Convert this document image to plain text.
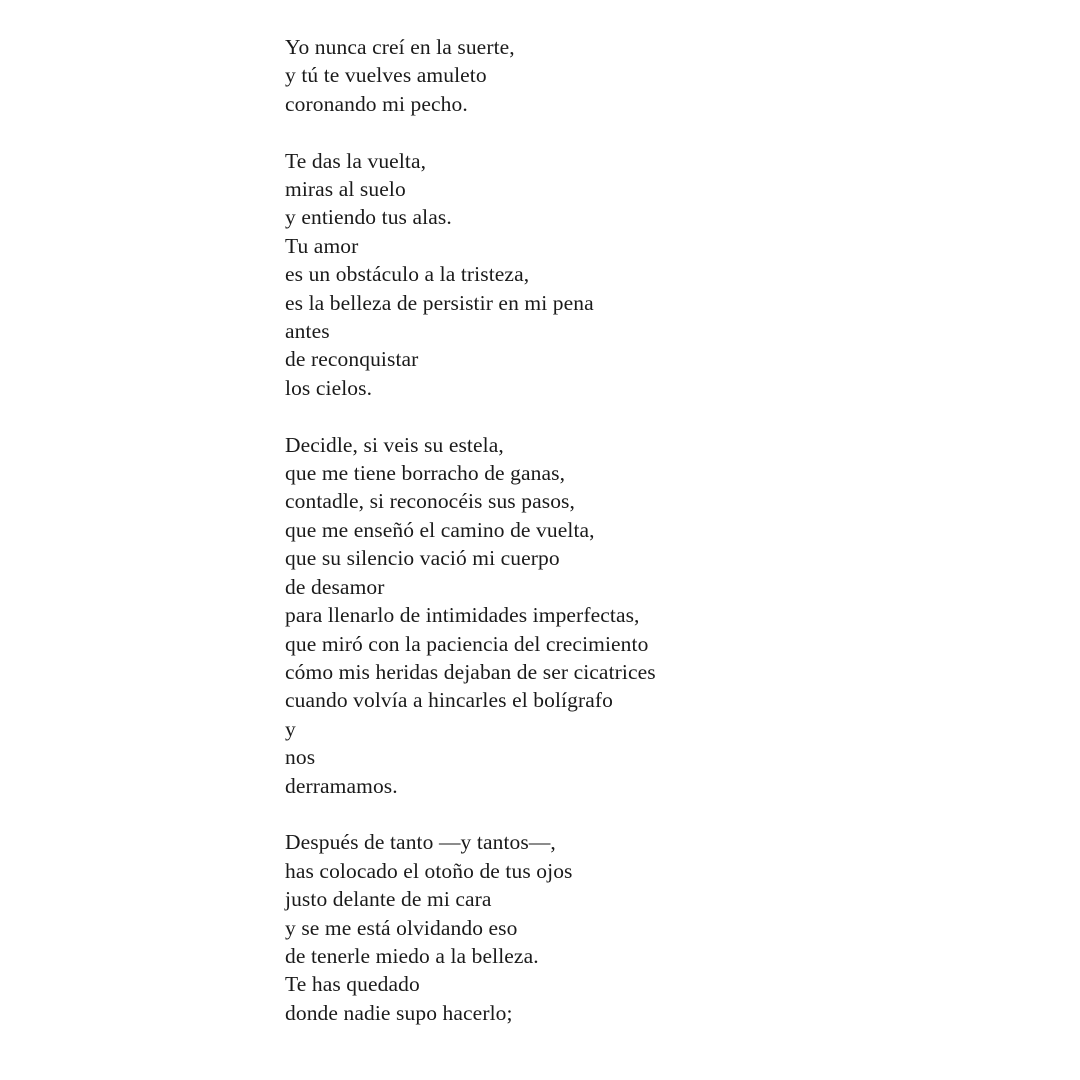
Yo nunca creí en la suerte,
y tú te vuelves amuleto
coronando mi pecho.
Te das la vuelta,
miras al suelo
y entiendo tus alas.
Tu amor
es un obstáculo a la tristeza,
es la belleza de persistir en mi pena
antes
de reconquistar
los cielos.
Decidle, si veis su estela,
que me tiene borracho de ganas,
contadle, si reconocéis sus pasos,
que me enseñó el camino de vuelta,
que su silencio vació mi cuerpo
de desamor
para llenarlo de intimidades imperfectas,
que miró con la paciencia del crecimiento
cómo mis heridas dejaban de ser cicatrices
cuando volvía a hincarles el bolígrafo
y
nos
derramamos.
Después de tanto —y tantos—,
has colocado el otoño de tus ojos
justo delante de mi cara
y se me está olvidando eso
de tenerle miedo a la belleza.
Te has quedado
donde nadie supo hacerlo;
